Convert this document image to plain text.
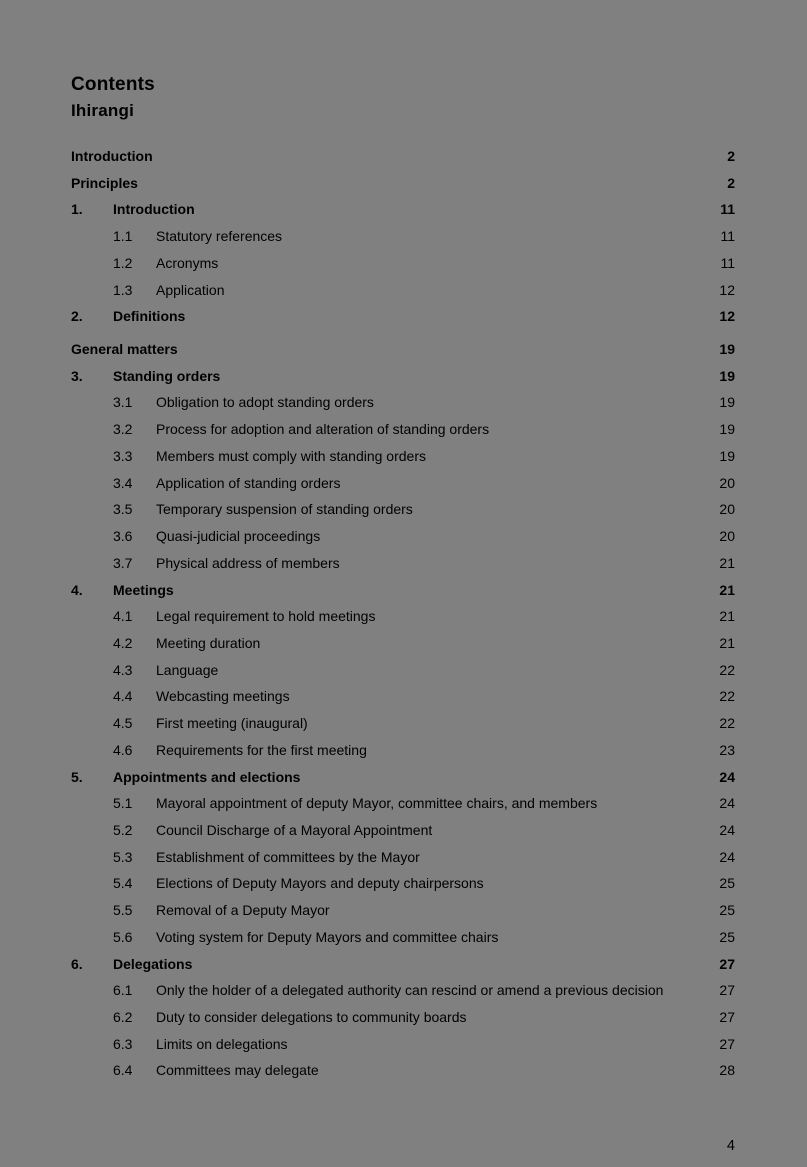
Contents
Ihirangi
Introduction	2
Principles	2
1.	Introduction	11
1.1	Statutory references	11
1.2	Acronyms	11
1.3	Application	12
2.	Definitions	12
General matters	19
3.	Standing orders	19
3.1	Obligation to adopt standing orders	19
3.2	Process for adoption and alteration of standing orders	19
3.3	Members must comply with standing orders	19
3.4	Application of standing orders	20
3.5	Temporary suspension of standing orders	20
3.6	Quasi-judicial proceedings	20
3.7	Physical address of members	21
4.	Meetings	21
4.1	Legal requirement to hold meetings	21
4.2	Meeting duration	21
4.3	Language	22
4.4	Webcasting meetings	22
4.5	First meeting (inaugural)	22
4.6	Requirements for the first meeting	23
5.	Appointments and elections	24
5.1	Mayoral appointment of deputy Mayor, committee chairs, and members	24
5.2	Council Discharge of a Mayoral Appointment	24
5.3	Establishment of committees by the Mayor	24
5.4	Elections of Deputy Mayors and deputy chairpersons	25
5.5	Removal of a Deputy Mayor	25
5.6	Voting system for Deputy Mayors and committee chairs	25
6.	Delegations	27
6.1	Only the holder of a delegated authority can rescind or amend a previous decision	27
6.2	Duty to consider delegations to community boards	27
6.3	Limits on delegations	27
6.4	Committees may delegate	28
4
